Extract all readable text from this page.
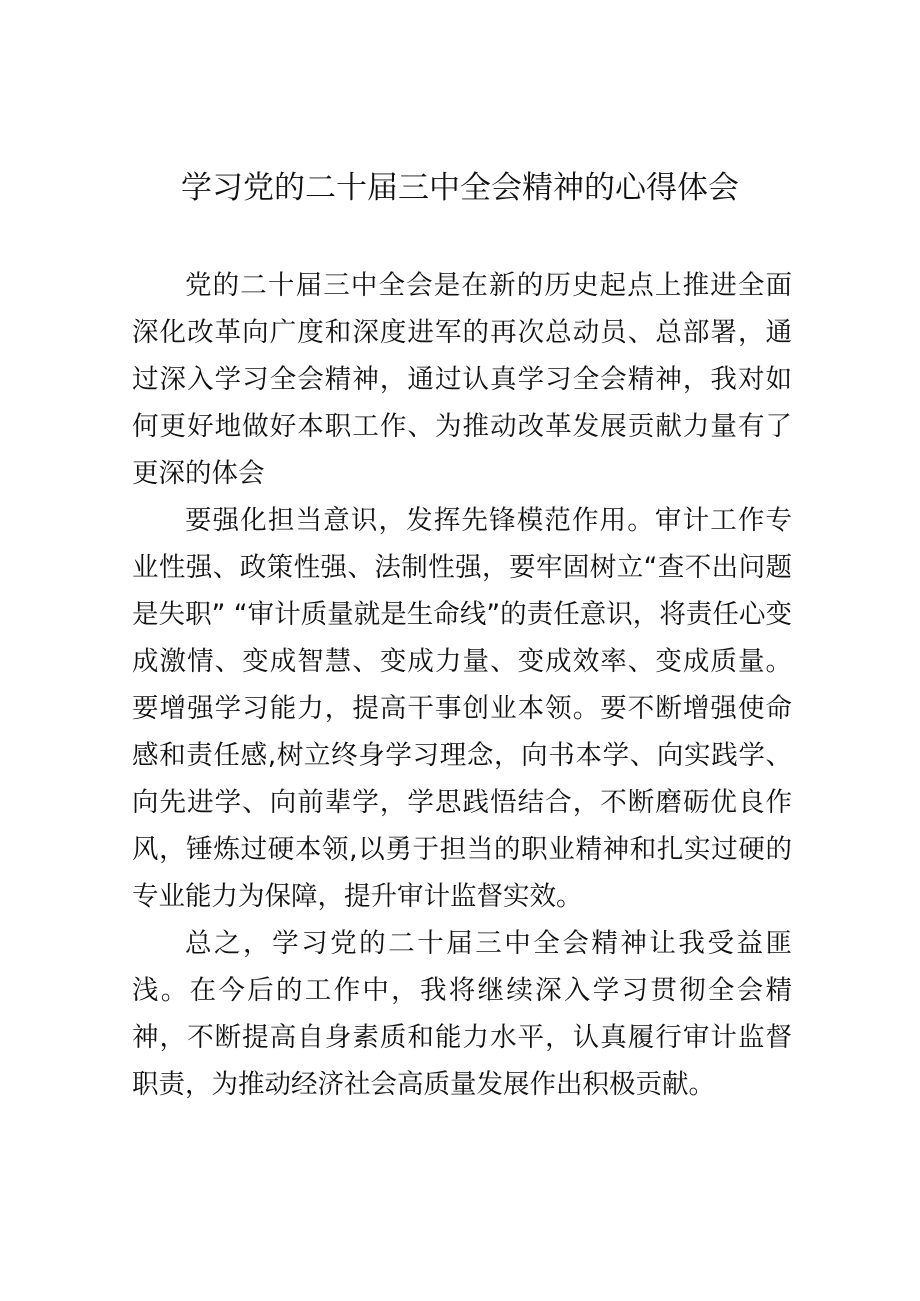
学习党的二十届三中全会精神的心得体会

党的二十届三中全会是在新的历史起点上推进全面深化改革向广度和深度进军的再次总动员、总部署，通过深入学习全会精神，通过认真学习全会精神，我对如何更好地做好本职工作、为推动改革发展贡献力量有了更深的体会

要强化担当意识，发挥先锋模范作用。审计工作专业性强、政策性强、法制性强，要牢固树立“查不出问题是失职” “审计质量就是生命线”的责任意识，将责任心变成激情、变成智慧、变成力量、变成效率、变成质量。要增强学习能力，提高干事创业本领。要不断增强使命感和责任感,树立终身学习理念，向书本学、向实践学、向先进学、向前辈学，学思践悟结合，不断磨砺优良作风，锤炼过硬本领,以勇于担当的职业精神和扎实过硬的专业能力为保障，提升审计监督实效。

总之，学习党的二十届三中全会精神让我受益匪浅。在今后的工作中，我将继续深入学习贯彻全会精神，不断提高自身素质和能力水平，认真履行审计监督职责，为推动经济社会高质量发展作出积极贡献。
